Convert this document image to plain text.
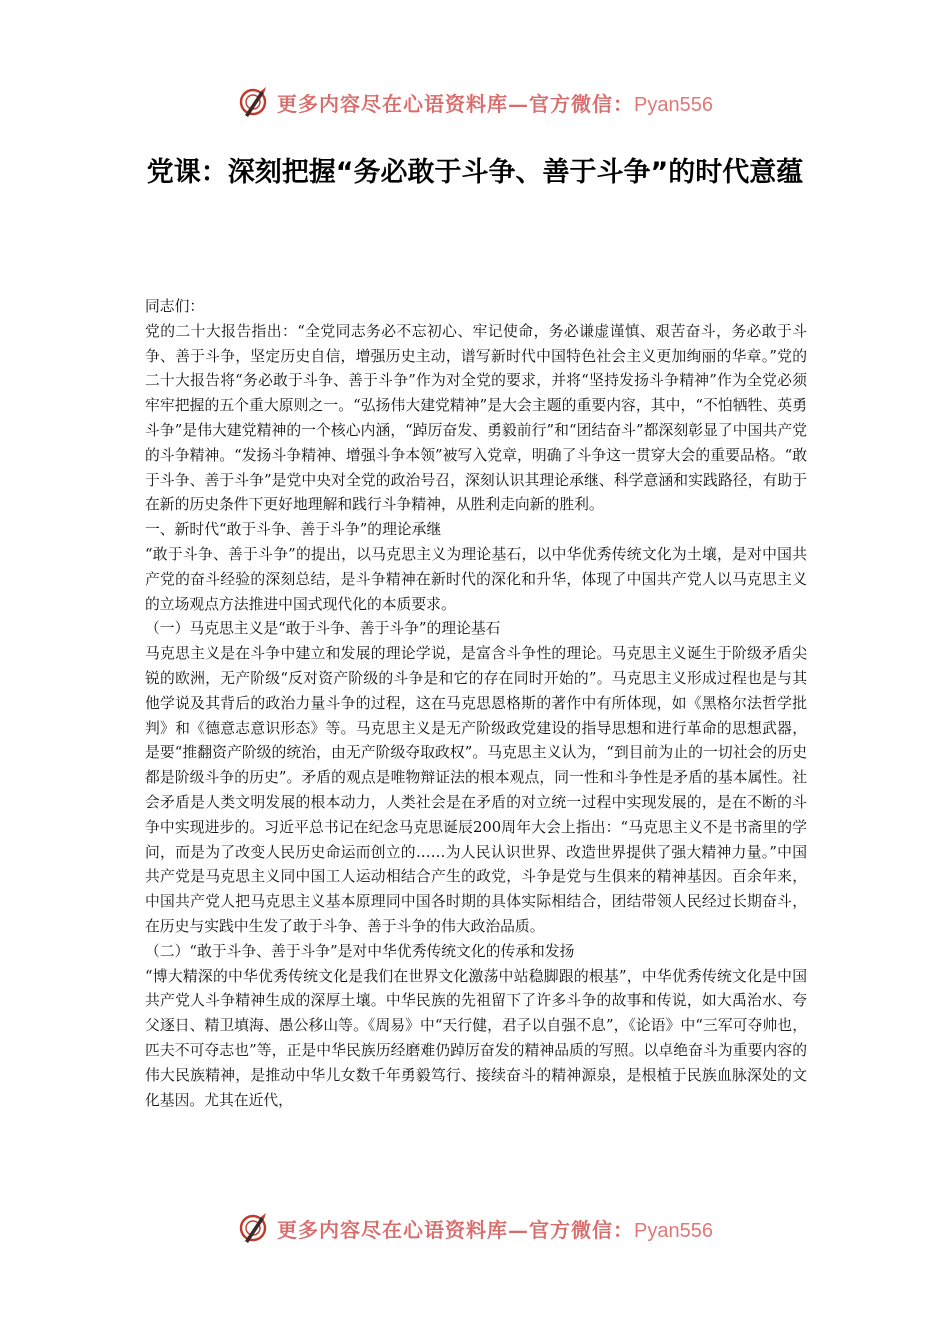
更多内容尽在心语资料库—官方微信：Pyan556
党课：深刻把握“务必敢于斗争、善于斗争”的时代意蕴

同志们：

党的二十大报告指出：“全党同志务必不忘初心、牢记使命，务必谦虚谨慎、艰苦奋斗，务必敢于斗争、善于斗争，坚定历史自信，增强历史主动，谱写新时代中国特色社会主义更加绚丽的华章。”党的二十大报告将“务必敢于斗争、善于斗争”作为对全党的要求，并将“坚持发扬斗争精神”作为全党必须牢牢把握的五个重大原则之一。“弘扬伟大建党精神”是大会主题的重要内容，其中，“不怕牺牲、英勇斗争”是伟大建党精神的一个核心内涵，“踔厉奋发、勇毅前行”和“团结奋斗”都深刻彰显了中国共产党的斗争精神。“发扬斗争精神、增强斗争本领”被写入党章，明确了斗争这一贯穿大会的重要品格。“敢于斗争、善于斗争”是党中央对全党的政治号召，深刻认识其理论承继、科学意涵和实践路径，有助于在新的历史条件下更好地理解和践行斗争精神，从胜利走向新的胜利。

一、新时代“敢于斗争、善于斗争”的理论承继

“敢于斗争、善于斗争”的提出，以马克思主义为理论基石，以中华优秀传统文化为土壤，是对中国共产党的奋斗经验的深刻总结，是斗争精神在新时代的深化和升华，体现了中国共产党人以马克思主义的立场观点方法推进中国式现代化的本质要求。

（一）马克思主义是“敢于斗争、善于斗争”的理论基石

马克思主义是在斗争中建立和发展的理论学说，是富含斗争性的理论。马克思主义诞生于阶级矛盾尖锐的欧洲，无产阶级“反对资产阶级的斗争是和它的存在同时开始的”。马克思主义形成过程也是与其他学说及其背后的政治力量斗争的过程，这在马克思恩格斯的著作中有所体现，如《黑格尔法哲学批判》和《德意志意识形态》等。马克思主义是无产阶级政党建设的指导思想和进行革命的思想武器，是要“推翻资产阶级的统治，由无产阶级夺取政权”。马克思主义认为，“到目前为止的一切社会的历史都是阶级斗争的历史”。矛盾的观点是唯物辩证法的根本观点，同一性和斗争性是矛盾的基本属性。社会矛盾是人类文明发展的根本动力，人类社会是在矛盾的对立统一过程中实现发展的，是在不断的斗争中实现进步的。习近平总书记在纪念马克思诞辰200周年大会上指出：“马克思主义不是书斋里的学问，而是为了改变人民历史命运而创立的……为人民认识世界、改造世界提供了强大精神力量。”中国共产党是马克思主义同中国工人运动相结合产生的政党，斗争是党与生俱来的精神基因。百余年来，中国共产党人把马克思主义基本原理同中国各时期的具体实际相结合，团结带领人民经过长期奋斗，在历史与实践中生发了敢于斗争、善于斗争的伟大政治品质。

（二）“敢于斗争、善于斗争”是对中华优秀传统文化的传承和发扬

“博大精深的中华优秀传统文化是我们在世界文化激荡中站稳脚跟的根基”，中华优秀传统文化是中国共产党人斗争精神生成的深厚土壤。中华民族的先祖留下了许多斗争的故事和传说，如大禹治水、夸父逐日、精卫填海、愚公移山等。《周易》中“天行健，君子以自强不息”，《论语》中“三军可夺帅也，匹夫不可夺志也”等，正是中华民族历经磨难仍踔厉奋发的精神品质的写照。以卓绝奋斗为重要内容的伟大民族精神，是推动中华儿女数千年勇毅笃行、接续奋斗的精神源泉，是根植于民族血脉深处的文化基因。尤其在近代，

更多内容尽在心语资料库—官方微信：Pyan556
